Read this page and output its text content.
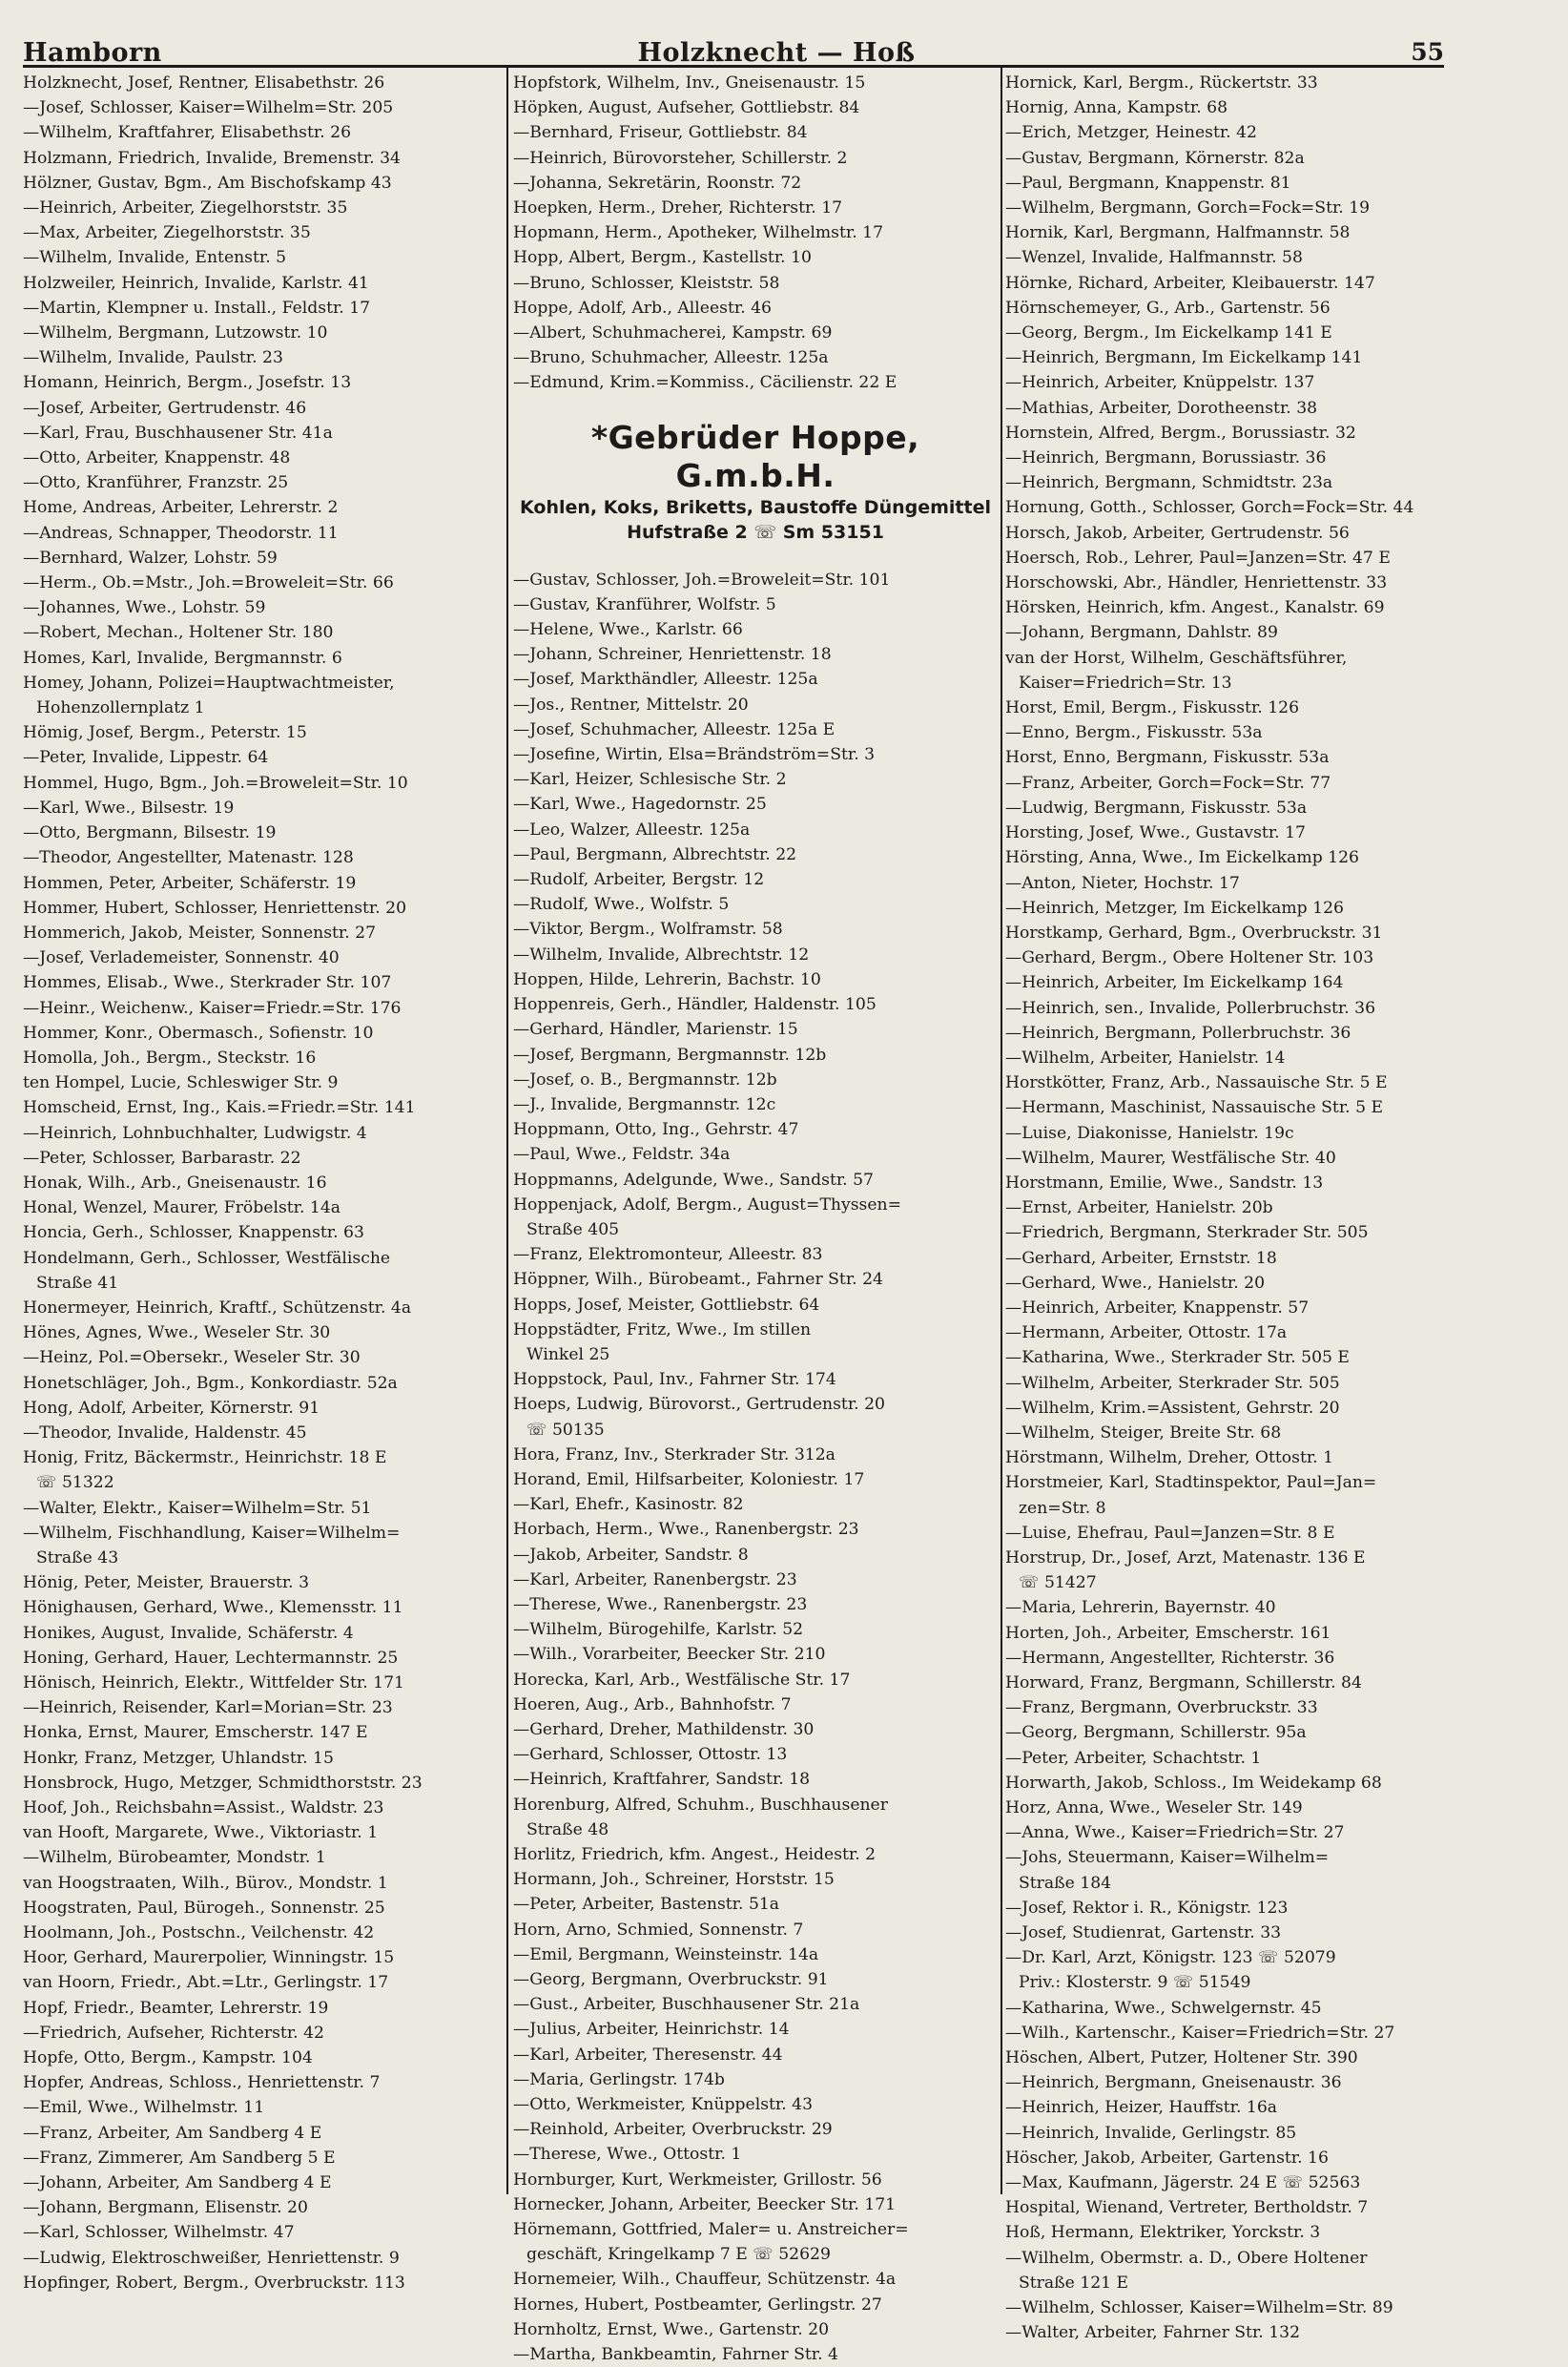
Hamborn	Holzknecht — Hoß	55
Holzknecht, Josef, Rentner, Elisabethstr. 26
—Josef, Schlosser, Kaiser=Wilhelm=Str. 205
—Wilhelm, Kraftfahrer, Elisabethstr. 26
Holzmann, Friedrich, Invalide, Bremenstr. 34
Hölzner, Gustav, Bgm., Am Bischofskamp 43
—Heinrich, Arbeiter, Ziegelhorststr. 35
—Max, Arbeiter, Ziegelhorststr. 35
—Wilhelm, Invalide, Entenstr. 5
Holzweiler, Heinrich, Invalide, Karlstr. 41
—Martin, Klempner u. Install., Feldstr. 17
—Wilhelm, Bergmann, Lutzowstr. 10
—Wilhelm, Invalide, Paulstr. 23
Homann, Heinrich, Bergm., Josefstr. 13
—Josef, Arbeiter, Gertrudenstr. 46
—Karl, Frau, Buschhausener Str. 41a
—Otto, Arbeiter, Knappenstr. 48
—Otto, Kranführer, Franzstr. 25
Home, Andreas, Arbeiter, Lehrerstr. 2
—Andreas, Schnapper, Theodorstr. 11
—Bernhard, Walzer, Lohstr. 59
—Herm., Ob.=Mstr., Joh.=Broweleit=Str. 66
—Johannes, Wwe., Lohstr. 59
—Robert, Mechan., Holtener Str. 180
Homes, Karl, Invalide, Bergmannstr. 6
Homey, Johann, Polizei=Hauptwachtmeister,
Hohenzollernplatz 1
Hömig, Josef, Bergm., Peterstr. 15
—Peter, Invalide, Lippestr. 64
Hommel, Hugo, Bgm., Joh.=Broweleit=Str. 10
—Karl, Wwe., Bilsestr. 19
—Otto, Bergmann, Bilsestr. 19
—Theodor, Angestellter, Matenastr. 128
Hommen, Peter, Arbeiter, Schäferstr. 19
Hommer, Hubert, Schlosser, Henriettenstr. 20
Hommerich, Jakob, Meister, Sonnenstr. 27
—Josef, Verlademeister, Sonnenstr. 40
Hommes, Elisab., Wwe., Sterkrader Str. 107
—Heinr., Weichenw., Kaiser=Friedr.=Str. 176
Hommer, Konr., Obermasch., Sofienstr. 10
Homolla, Joh., Bergm., Steckstr. 16
ten Hompel, Lucie, Schleswiger Str. 9
Homscheid, Ernst, Ing., Kais.=Friedr.=Str. 141
—Heinrich, Lohnbuchhalter, Ludwigstr. 4
—Peter, Schlosser, Barbarastr. 22
Honak, Wilh., Arb., Gneisenaustr. 16
Honal, Wenzel, Maurer, Fröbelstr. 14a
Honcia, Gerh., Schlosser, Knappenstr. 63
Hondelmann, Gerh., Schlosser, Westfälische
Straße 41
Honermeyer, Heinrich, Kraftf., Schützenstr. 4a
Hönes, Agnes, Wwe., Weseler Str. 30
—Heinz, Pol.=Obersekr., Weseler Str. 30
Honetschläger, Joh., Bgm., Konkordiastr. 52a
Hong, Adolf, Arbeiter, Körnerstr. 91
—Theodor, Invalide, Haldenstr. 45
Honig, Fritz, Bäckermstr., Heinrichstr. 18 E
☏ 51322
—Walter, Elektr., Kaiser=Wilhelm=Str. 51
—Wilhelm, Fischhandlung, Kaiser=Wilhelm=
Straße 43
Hönig, Peter, Meister, Brauerstr. 3
Hönighausen, Gerhard, Wwe., Klemensstr. 11
Honikes, August, Invalide, Schäferstr. 4
Honing, Gerhard, Hauer, Lechtermannstr. 25
Hönisch, Heinrich, Elektr., Wittfelder Str. 171
—Heinrich, Reisender, Karl=Morian=Str. 23
Honka, Ernst, Maurer, Emscherstr. 147 E
Honkr, Franz, Metzger, Uhlandstr. 15
Honsbrock, Hugo, Metzger, Schmidthorststr. 23
Hoof, Joh., Reichsbahn=Assist., Waldstr. 23
van Hooft, Margarete, Wwe., Viktoriastr. 1
—Wilhelm, Bürobeamter, Mondstr. 1
van Hoogstraaten, Wilh., Bürov., Mondstr. 1
Hoogstraten, Paul, Bürogeh., Sonnenstr. 25
Hoolmann, Joh., Postschn., Veilchenstr. 42
Hoor, Gerhard, Maurerpolier, Winningstr. 15
van Hoorn, Friedr., Abt.=Ltr., Gerlingstr. 17
Hopf, Friedr., Beamter, Lehrerstr. 19
—Friedrich, Aufseher, Richterstr. 42
Hopfe, Otto, Bergm., Kampstr. 104
Hopfer, Andreas, Schloss., Henriettenstr. 7
—Emil, Wwe., Wilhelmstr. 11
—Franz, Arbeiter, Am Sandberg 4 E
—Franz, Zimmerer, Am Sandberg 5 E
—Johann, Arbeiter, Am Sandberg 4 E
—Johann, Bergmann, Elisenstr. 20
—Karl, Schlosser, Wilhelmstr. 47
—Ludwig, Elektroschweißer, Henriettenstr. 9
Hopfinger, Robert, Bergm., Overbruckstr. 113
Hopfstork, Wilhelm, Inv., Gneisenaustr. 15
Höpken, August, Aufseher, Gottliebstr. 84
—Bernhard, Friseur, Gottliebstr. 84
—Heinrich, Bürovorsteher, Schillerstr. 2
—Johanna, Sekretärin, Roonstr. 72
Hoepken, Herm., Dreher, Richterstr. 17
Hopmann, Herm., Apotheker, Wilhelmstr. 17
Hopp, Albert, Bergm., Kastellstr. 10
—Bruno, Schlosser, Kleiststr. 58
Hoppe, Adolf, Arb., Alleestr. 46
—Albert, Schuhmacherei, Kampstr. 69
—Bruno, Schuhmacher, Alleestr. 125a
—Edmund, Krim.=Kommiss., Cäcilienstr. 22 E
*Gebrüder Hoppe, G.m.b.H.
Kohlen, Koks, Briketts, Baustoffe Düngemittel
Hufstraße 2 ☏ Sm 53151
—Gustav, Schlosser, Joh.=Broweleit=Str. 101
—Gustav, Kranführer, Wolfstr. 5
—Helene, Wwe., Karlstr. 66
—Johann, Schreiner, Henriettenstr. 18
—Josef, Markthändler, Alleestr. 125a
—Jos., Rentner, Mittelstr. 20
—Josef, Schuhmacher, Alleestr. 125a E
—Josefine, Wirtin, Elsa=Brändström=Str. 3
—Karl, Heizer, Schlesische Str. 2
—Karl, Wwe., Hagedornstr. 25
—Leo, Walzer, Alleestr. 125a
—Paul, Bergmann, Albrechtstr. 22
—Rudolf, Arbeiter, Bergstr. 12
—Rudolf, Wwe., Wolfstr. 5
—Viktor, Bergm., Wolframstr. 58
—Wilhelm, Invalide, Albrechtstr. 12
Hoppen, Hilde, Lehrerin, Bachstr. 10
Hoppenreis, Gerh., Händler, Haldenstr. 105
—Gerhard, Händler, Marienstr. 15
—Josef, Bergmann, Bergmannstr. 12b
—Josef, o. B., Bergmannstr. 12b
—J., Invalide, Bergmannstr. 12c
Hoppmann, Otto, Ing., Gehrstr. 47
—Paul, Wwe., Feldstr. 34a
Hoppmanns, Adelgunde, Wwe., Sandstr. 57
Hoppenjack, Adolf, Bergm., August=Thyssen=
Straße 405
—Franz, Elektromonteur, Alleestr. 83
Höppner, Wilh., Bürobeamt., Fahrner Str. 24
Hopps, Josef, Meister, Gottliebstr. 64
Hoppstädter, Fritz, Wwe., Im stillen
Winkel 25
Hoppstock, Paul, Inv., Fahrner Str. 174
Hoeps, Ludwig, Bürovorst., Gertrudenstr. 20
☏ 50135
Hora, Franz, Inv., Sterkrader Str. 312a
Horand, Emil, Hilfsarbeiter, Koloniestr. 17
—Karl, Ehefr., Kasinostr. 82
Horbach, Herm., Wwe., Ranenbergstr. 23
—Jakob, Arbeiter, Sandstr. 8
—Karl, Arbeiter, Ranenbergstr. 23
—Therese, Wwe., Ranenbergstr. 23
—Wilhelm, Bürogehilfe, Karlstr. 52
—Wilh., Vorarbeiter, Beecker Str. 210
Horecka, Karl, Arb., Westfälische Str. 17
Hoeren, Aug., Arb., Bahnhofstr. 7
—Gerhard, Dreher, Mathildenstr. 30
—Gerhard, Schlosser, Ottostr. 13
—Heinrich, Kraftfahrer, Sandstr. 18
Horenburg, Alfred, Schuhm., Buschhausener
Straße 48
Horlitz, Friedrich, kfm. Angest., Heidestr. 2
Hormann, Joh., Schreiner, Horststr. 15
—Peter, Arbeiter, Bastenstr. 51a
Horn, Arno, Schmied, Sonnenstr. 7
—Emil, Bergmann, Weinsteinstr. 14a
—Georg, Bergmann, Overbruckstr. 91
—Gust., Arbeiter, Buschhausener Str. 21a
—Julius, Arbeiter, Heinrichstr. 14
—Karl, Arbeiter, Theresenstr. 44
—Maria, Gerlingstr. 174b
—Otto, Werkmeister, Knüppelstr. 43
—Reinhold, Arbeiter, Overbruckstr. 29
—Therese, Wwe., Ottostr. 1
Hornburger, Kurt, Werkmeister, Grillostr. 56
Hornecker, Johann, Arbeiter, Beecker Str. 171
Hörnemann, Gottfried, Maler= u. Anstreicher=
geschäft, Kringelkamp 7 E ☏ 52629
Hornemeier, Wilh., Chauffeur, Schützenstr. 4a
Hornes, Hubert, Postbeamter, Gerlingstr. 27
Hornholtz, Ernst, Wwe., Gartenstr. 20
—Martha, Bankbeamtin, Fahrner Str. 4
Hornick, Karl, Bergm., Rückertstr. 33
Hornig, Anna, Kampstr. 68
—Erich, Metzger, Heinestr. 42
—Gustav, Bergmann, Körnerstr. 82a
—Paul, Bergmann, Knappenstr. 81
—Wilhelm, Bergmann, Gorch=Fock=Str. 19
Hornik, Karl, Bergmann, Halfmannstr. 58
—Wenzel, Invalide, Halfmannstr. 58
Hörnke, Richard, Arbeiter, Kleibauerstr. 147
Hörnschemeyer, G., Arb., Gartenstr. 56
—Georg, Bergm., Im Eickelkamp 141 E
—Heinrich, Bergmann, Im Eickelkamp 141
—Heinrich, Arbeiter, Knüppelstr. 137
—Mathias, Arbeiter, Dorotheenstr. 38
Hornstein, Alfred, Bergm., Borussiastr. 32
—Heinrich, Bergmann, Borussiastr. 36
—Heinrich, Bergmann, Schmidtstr. 23a
Hornung, Gotth., Schlosser, Gorch=Fock=Str. 44
Horsch, Jakob, Arbeiter, Gertrudenstr. 56
Hoersch, Rob., Lehrer, Paul=Janzen=Str. 47 E
Horschowski, Abr., Händler, Henriettenstr. 33
Hörsken, Heinrich, kfm. Angest., Kanalstr. 69
—Johann, Bergmann, Dahlstr. 89
van der Horst, Wilhelm, Geschäftsführer,
Kaiser=Friedrich=Str. 13
Horst, Emil, Bergm., Fiskusstr. 126
—Enno, Bergm., Fiskusstr. 53a
Horst, Enno, Bergmann, Fiskusstr. 53a
—Franz, Arbeiter, Gorch=Fock=Str. 77
—Ludwig, Bergmann, Fiskusstr. 53a
Horsting, Josef, Wwe., Gustavstr. 17
Hörsting, Anna, Wwe., Im Eickelkamp 126
—Anton, Nieter, Hochstr. 17
—Heinrich, Metzger, Im Eickelkamp 126
Horstkamp, Gerhard, Bgm., Overbruckstr. 31
—Gerhard, Bergm., Obere Holtener Str. 103
—Heinrich, Arbeiter, Im Eickelkamp 164
—Heinrich, sen., Invalide, Pollerbruchstr. 36
—Heinrich, Bergmann, Pollerbruchstr. 36
—Wilhelm, Arbeiter, Hanielstr. 14
Horstkötter, Franz, Arb., Nassauische Str. 5 E
—Hermann, Maschinist, Nassauische Str. 5 E
—Luise, Diakonisse, Hanielstr. 19c
—Wilhelm, Maurer, Westfälische Str. 40
Horstmann, Emilie, Wwe., Sandstr. 13
—Ernst, Arbeiter, Hanielstr. 20b
—Friedrich, Bergmann, Sterkrader Str. 505
—Gerhard, Arbeiter, Ernststr. 18
—Gerhard, Wwe., Hanielstr. 20
—Heinrich, Arbeiter, Knappenstr. 57
—Hermann, Arbeiter, Ottostr. 17a
—Katharina, Wwe., Sterkrader Str. 505 E
—Wilhelm, Arbeiter, Sterkrader Str. 505
—Wilhelm, Krim.=Assistent, Gehrstr. 20
—Wilhelm, Steiger, Breite Str. 68
Hörstmann, Wilhelm, Dreher, Ottostr. 1
Horstmeier, Karl, Stadtinspektor, Paul=Jan=
zen=Str. 8
—Luise, Ehefrau, Paul=Janzen=Str. 8 E
Horstrup, Dr., Josef, Arzt, Matenastr. 136 E
☏ 51427
—Maria, Lehrerin, Bayernstr. 40
Horten, Joh., Arbeiter, Emscherstr. 161
—Hermann, Angestellter, Richterstr. 36
Horward, Franz, Bergmann, Schillerstr. 84
—Franz, Bergmann, Overbruckstr. 33
—Georg, Bergmann, Schillerstr. 95a
—Peter, Arbeiter, Schachtstr. 1
Horwarth, Jakob, Schloss., Im Weidekamp 68
Horz, Anna, Wwe., Weseler Str. 149
—Anna, Wwe., Kaiser=Friedrich=Str. 27
—Johs, Steuermann, Kaiser=Wilhelm=
Straße 184
—Josef, Rektor i. R., Königstr. 123
—Josef, Studienrat, Gartenstr. 33
—Dr. Karl, Arzt, Königstr. 123 ☏ 52079
Priv.: Klosterstr. 9 ☏ 51549
—Katharina, Wwe., Schwelgernstr. 45
—Wilh., Kartenschr., Kaiser=Friedrich=Str. 27
Höschen, Albert, Putzer, Holtener Str. 390
—Heinrich, Bergmann, Gneisenaustr. 36
—Heinrich, Heizer, Hauffstr. 16a
—Heinrich, Invalide, Gerlingstr. 85
Höscher, Jakob, Arbeiter, Gartenstr. 16
—Max, Kaufmann, Jägerstr. 24 E ☏ 52563
Hospital, Wienand, Vertreter, Bertholdstr. 7
Hoß, Hermann, Elektriker, Yorckstr. 3
—Wilhelm, Obermstr. a. D., Obere Holtener
Straße 121 E
—Wilhelm, Schlosser, Kaiser=Wilhelm=Str. 89
—Walter, Arbeiter, Fahrner Str. 132
